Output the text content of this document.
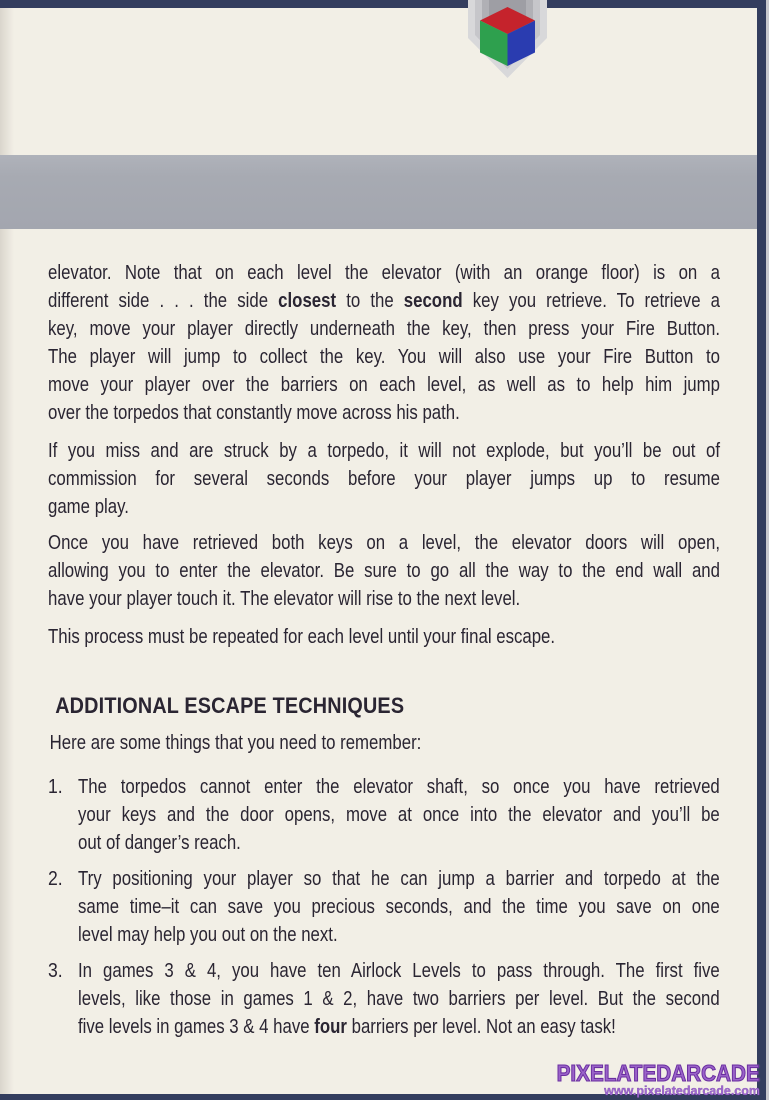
elevator. Note that on each level the elevator (with an orange floor) is on a
different side . . . the side closest to the second key you retrieve. To retrieve a
key, move your player directly underneath the key, then press your Fire Button.
The player will jump to collect the key. You will also use your Fire Button to
move your player over the barriers on each level, as well as to help him jump
over the torpedos that constantly move across his path.
If you miss and are struck by a torpedo, it will not explode, but you’ll be out of
commission for several seconds before your player jumps up to resume
game play.
Once you have retrieved both keys on a level, the elevator doors will open,
allowing you to enter the elevator. Be sure to go all the way to the end wall and
have your player touch it. The elevator will rise to the next level.
This process must be repeated for each level until your final escape.
ADDITIONAL ESCAPE TECHNIQUES
Here are some things that you need to remember:
1. The torpedos cannot enter the elevator shaft, so once you have retrieved
your keys and the door opens, move at once into the elevator and you’ll be
out of danger’s reach.
2. Try positioning your player so that he can jump a barrier and torpedo at the
same time–it can save you precious seconds, and the time you save on one
level may help you out on the next.
3. In games 3 & 4, you have ten Airlock Levels to pass through. The first five
levels, like those in games 1 & 2, have two barriers per level. But the second
five levels in games 3 & 4 have four barriers per level. Not an easy task!
PIXELATEDARCADE
www.pixelatedarcade.com
